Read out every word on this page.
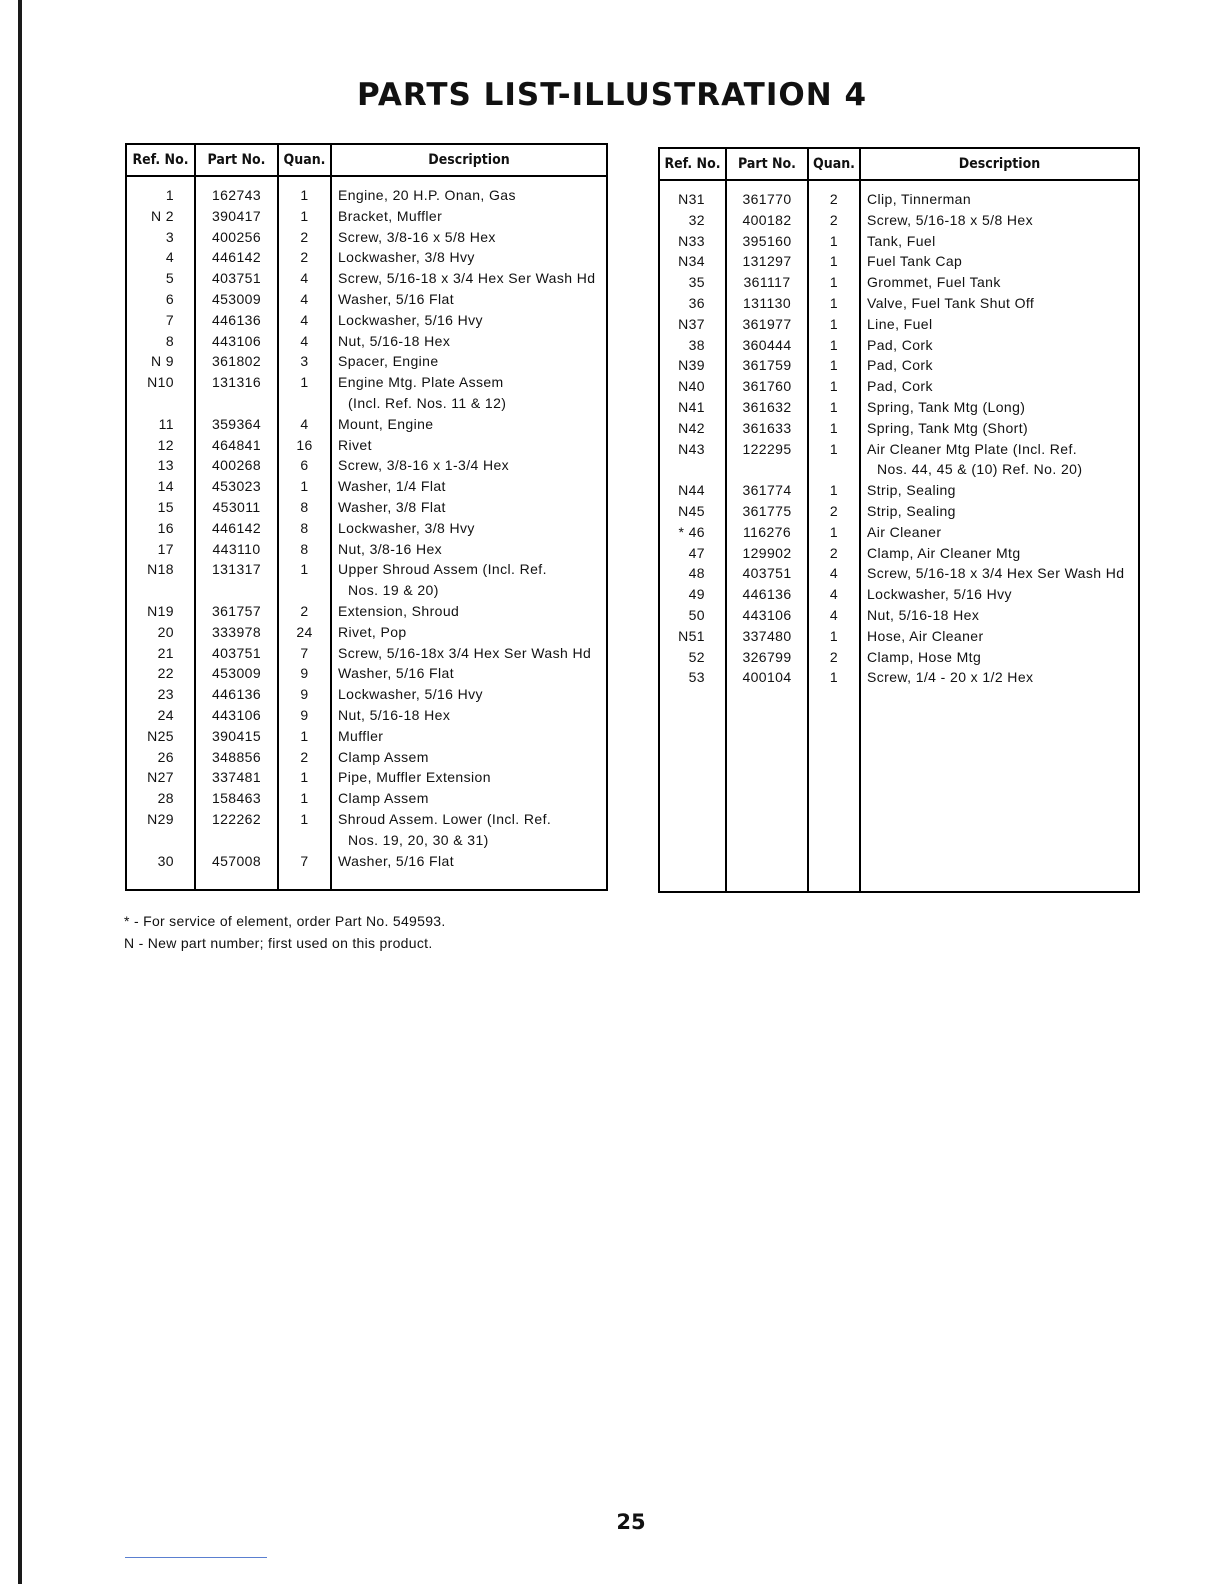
PARTS LIST-ILLUSTRATION 4
Ref. No.	Part No.	Quan.	Description
1	162743	1	Engine, 20 H.P. Onan, Gas
N 2	390417	1	Bracket, Muffler
3	400256	2	Screw, 3/8-16 x 5/8 Hex
4	446142	2	Lockwasher, 3/8 Hvy
5	403751	4	Screw, 5/16-18 x 3/4 Hex Ser Wash Hd
6	453009	4	Washer, 5/16 Flat
7	446136	4	Lockwasher, 5/16 Hvy
8	443106	4	Nut, 5/16-18 Hex
N 9	361802	3	Spacer, Engine
N10	131316	1	Engine Mtg. Plate Assem
			(Incl. Ref. Nos. 11 & 12)
11	359364	4	Mount, Engine
12	464841	16	Rivet
13	400268	6	Screw, 3/8-16 x 1-3/4 Hex
14	453023	1	Washer, 1/4 Flat
15	453011	8	Washer, 3/8 Flat
16	446142	8	Lockwasher, 3/8 Hvy
17	443110	8	Nut, 3/8-16 Hex
N18	131317	1	Upper Shroud Assem (Incl. Ref.
			Nos. 19 & 20)
N19	361757	2	Extension, Shroud
20	333978	24	Rivet, Pop
21	403751	7	Screw, 5/16-18x 3/4 Hex Ser Wash Hd
22	453009	9	Washer, 5/16 Flat
23	446136	9	Lockwasher, 5/16 Hvy
24	443106	9	Nut, 5/16-18 Hex
N25	390415	1	Muffler
26	348856	2	Clamp Assem
N27	337481	1	Pipe, Muffler Extension
28	158463	1	Clamp Assem
N29	122262	1	Shroud Assem. Lower (Incl. Ref.
			Nos. 19, 20, 30 & 31)
30	457008	7	Washer, 5/16 Flat

Ref. No.	Part No.	Quan.	Description
N31	361770	2	Clip, Tinnerman
32	400182	2	Screw, 5/16-18 x 5/8 Hex
N33	395160	1	Tank, Fuel
N34	131297	1	Fuel Tank Cap
35	361117	1	Grommet, Fuel Tank
36	131130	1	Valve, Fuel Tank Shut Off
N37	361977	1	Line, Fuel
38	360444	1	Pad, Cork
N39	361759	1	Pad, Cork
N40	361760	1	Pad, Cork
N41	361632	1	Spring, Tank Mtg (Long)
N42	361633	1	Spring, Tank Mtg (Short)
N43	122295	1	Air Cleaner Mtg Plate (Incl. Ref.
			Nos. 44, 45 & (10) Ref. No. 20)
N44	361774	1	Strip, Sealing
N45	361775	2	Strip, Sealing
* 46	116276	1	Air Cleaner
47	129902	2	Clamp, Air Cleaner Mtg
48	403751	4	Screw, 5/16-18 x 3/4 Hex Ser Wash Hd
49	446136	4	Lockwasher, 5/16 Hvy
50	443106	4	Nut, 5/16-18 Hex
N51	337480	1	Hose, Air Cleaner
52	326799	2	Clamp, Hose Mtg
53	400104	1	Screw, 1/4 - 20 x 1/2 Hex

* - For service of element, order Part No. 549593.
N - New part number; first used on this product.
25
